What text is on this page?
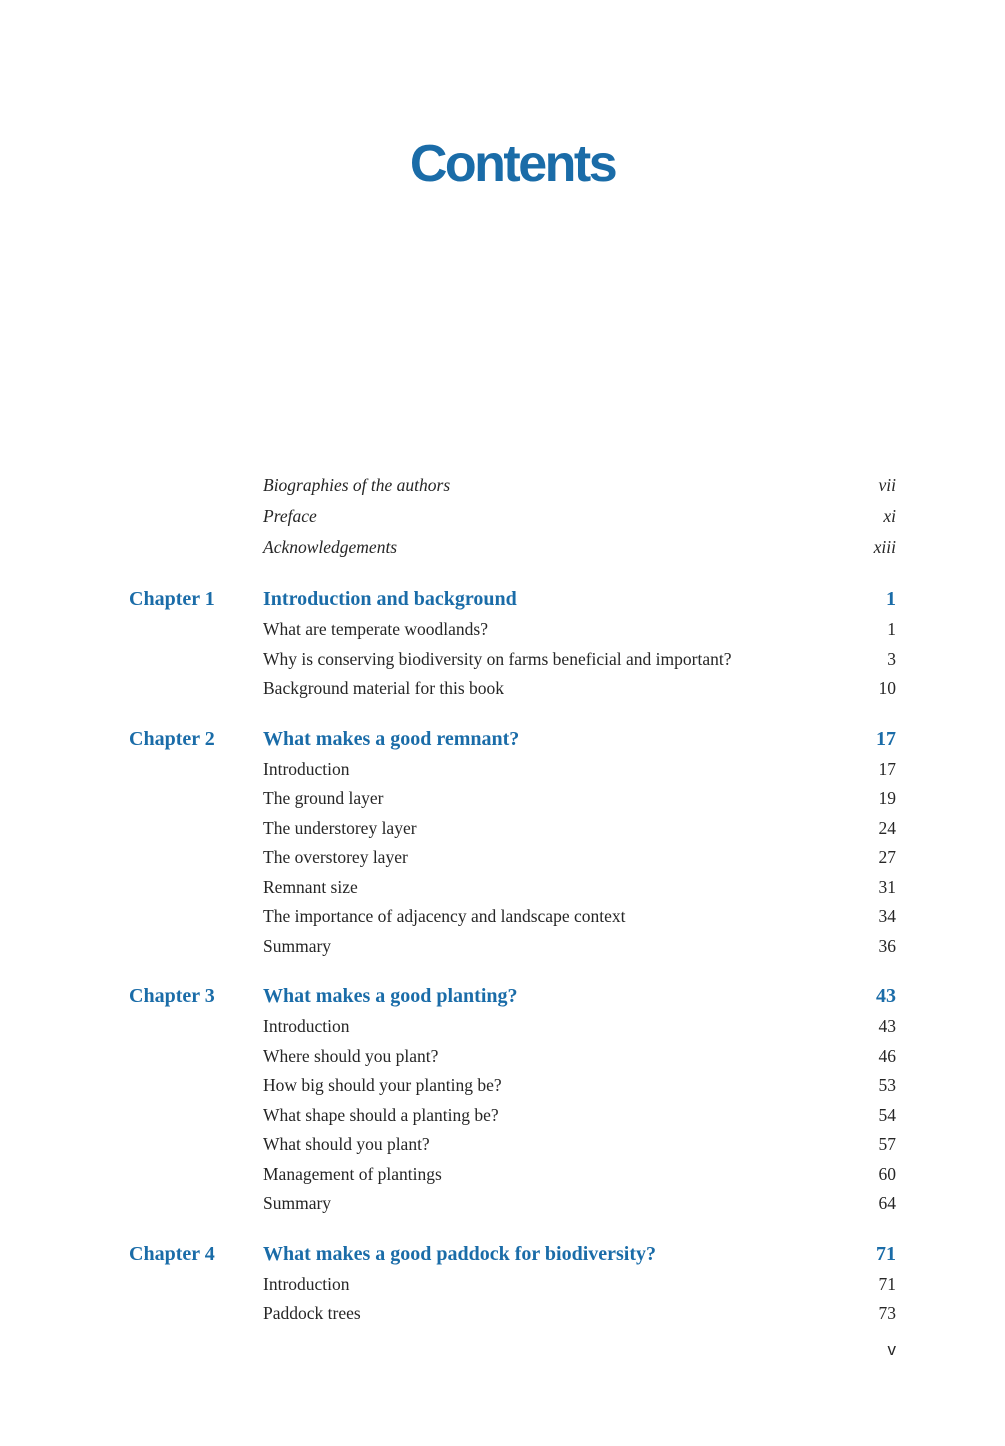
Contents
Biographies of the authors	vii
Preface	xi
Acknowledgements	xiii
Chapter 1 Introduction and background	1
What are temperate woodlands?	1
Why is conserving biodiversity on farms beneficial and important?	3
Background material for this book	10
Chapter 2 What makes a good remnant?	17
Introduction	17
The ground layer	19
The understorey layer	24
The overstorey layer	27
Remnant size	31
The importance of adjacency and landscape context	34
Summary	36
Chapter 3 What makes a good planting?	43
Introduction	43
Where should you plant?	46
How big should your planting be?	53
What shape should a planting be?	54
What should you plant?	57
Management of plantings	60
Summary	64
Chapter 4 What makes a good paddock for biodiversity?	71
Introduction	71
Paddock trees	73
v
